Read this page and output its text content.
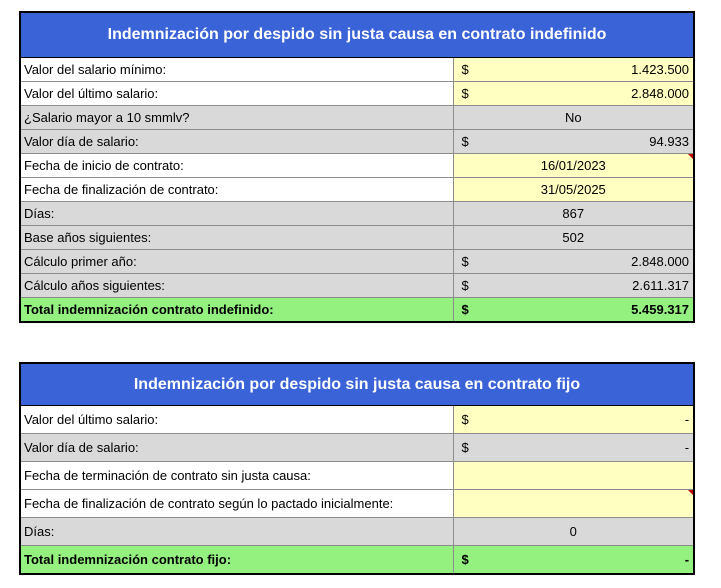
Indemnización por despido sin justa causa en contrato indefinido		
Valor del salario mínimo:	$	1.423.500
Valor del último salario:	$	2.848.000
¿Salario mayor a 10 smmlv?	No	
Valor día de salario:	$	94.933
Fecha de inicio de contrato:	16/01/2023	
Fecha de finalización de contrato:	31/05/2025	
Días:	867	
Base años siguientes:	502	
Cálculo primer año:	$	2.848.000
Cálculo años siguientes:	$	2.611.317
Total indemnización contrato indefinido:	$	5.459.317
Indemnización por despido sin justa causa en contrato fijo		
Valor del último salario:	$	-
Valor día de salario:	$	-
Fecha de terminación de contrato sin justa causa:		
Fecha de finalización de contrato según lo pactado inicialmente:		
Días:	0	
Total indemnización contrato fijo:	$	-
